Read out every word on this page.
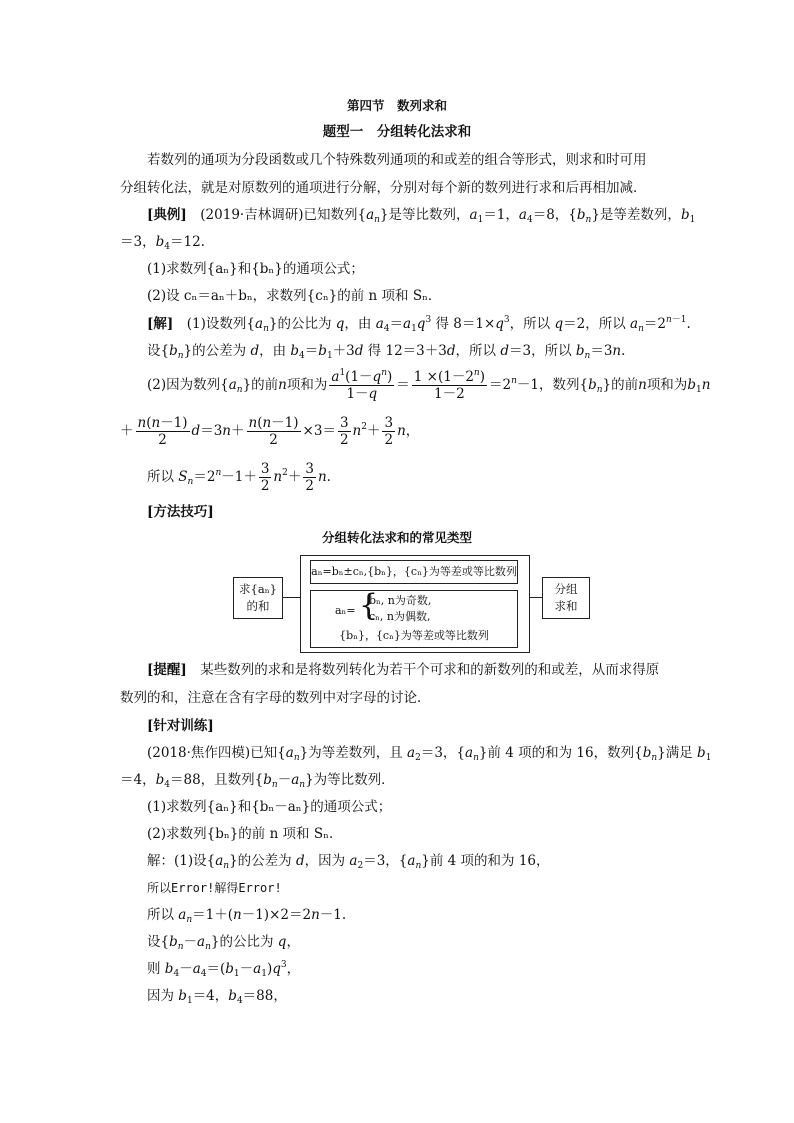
第四节　数列求和
题型一　分组转化法求和
若数列的通项为分段函数或几个特殊数列通项的和或差的组合等形式，则求和时可用
分组转化法，就是对原数列的通项进行分解，分别对每个新的数列进行求和后再相加减．
[典例]　 (2019·吉林调研)已知数列$\{a_n\}$是等比数列，$a_1=1$，$a_4=8$，$\{b_n\}$是等差数列，$b_1$
＝3，$b_4=12$.
(1)求数列{aₙ}和{bₙ}的通项公式；
(2)设 cₙ＝aₙ＋bₙ，求数列{cₙ}的前 n 项和 Sₙ．
[解]　(1)设数列$\{a_n\}$的公比为 q，由 $a_4=a_1q^3$ 得 $8=1\times q^3$，所以 q＝2，所以 $a_n=2^{n-1}$.
设$\{b_n\}$的公差为 d，由 $b_4=b_1+3d$ 得 12＝3＋3d，所以 d＝3，所以 $b_n=3n$.
(2)因为数列$\{a_n\}$的前n项和为 $\frac{a^1(1-q^n)}{1-q} = \frac{1 \times(1-2^n)}{1-2} =2^n-1$，数列$\{b_n\}$的前n项和为$b_1n$
＋ $\frac{n(n-1)}{2} d=3n+ \frac{n(n-1)}{2} \times 3= \frac{3}{2} n^2+ \frac{3}{2}$ n，
所以 $S_n=2^n-1+ \frac{3}{2} n^2+ \frac{3}{2} n$.
[方法技巧]
分组转化法求和的常见类型
求{aₙ}
的和
aₙ=bₙ±cₙ,{bₙ}，{cₙ}为等差或等比数列
aₙ= {
bₙ, n为奇数,
cₙ, n为偶数,
{bₙ}，{cₙ}为等差或等比数列
分组
求和
[提醒]　 某些数列的求和是将数列转化为若干个可求和的新数列的和或差，从而求得原
数列的和，注意在含有字母的数列中对字母的讨论．
[针对训练]
(2018·焦作四模)已知$\{a_n\}$为等差数列，且 $a_2=3$，$\{a_n\}$前 4 项的和为 16，数列$\{b_n\}$满足 $b_1$
＝4，$b_4=88$，且数列$\{b_n-a_n\}$为等比数列．
(1)求数列{aₙ}和{bₙ－aₙ}的通项公式；
(2)求数列{bₙ}的前 n 项和 Sₙ．
解：(1)设$\{a_n\}$的公差为 d，因为 $a_2=3$，$\{a_n\}$前 4 项的和为 16，
所以Error!解得Error!
所以 $a_n=1+(n-1)\times 2=2n-1$.
设$\{b_n-a_n\}$的公比为 q，
则 $b_4-a_4=(b_1-a_1)q^3$，
因为 $b_1=4$，$b_4=88$，
